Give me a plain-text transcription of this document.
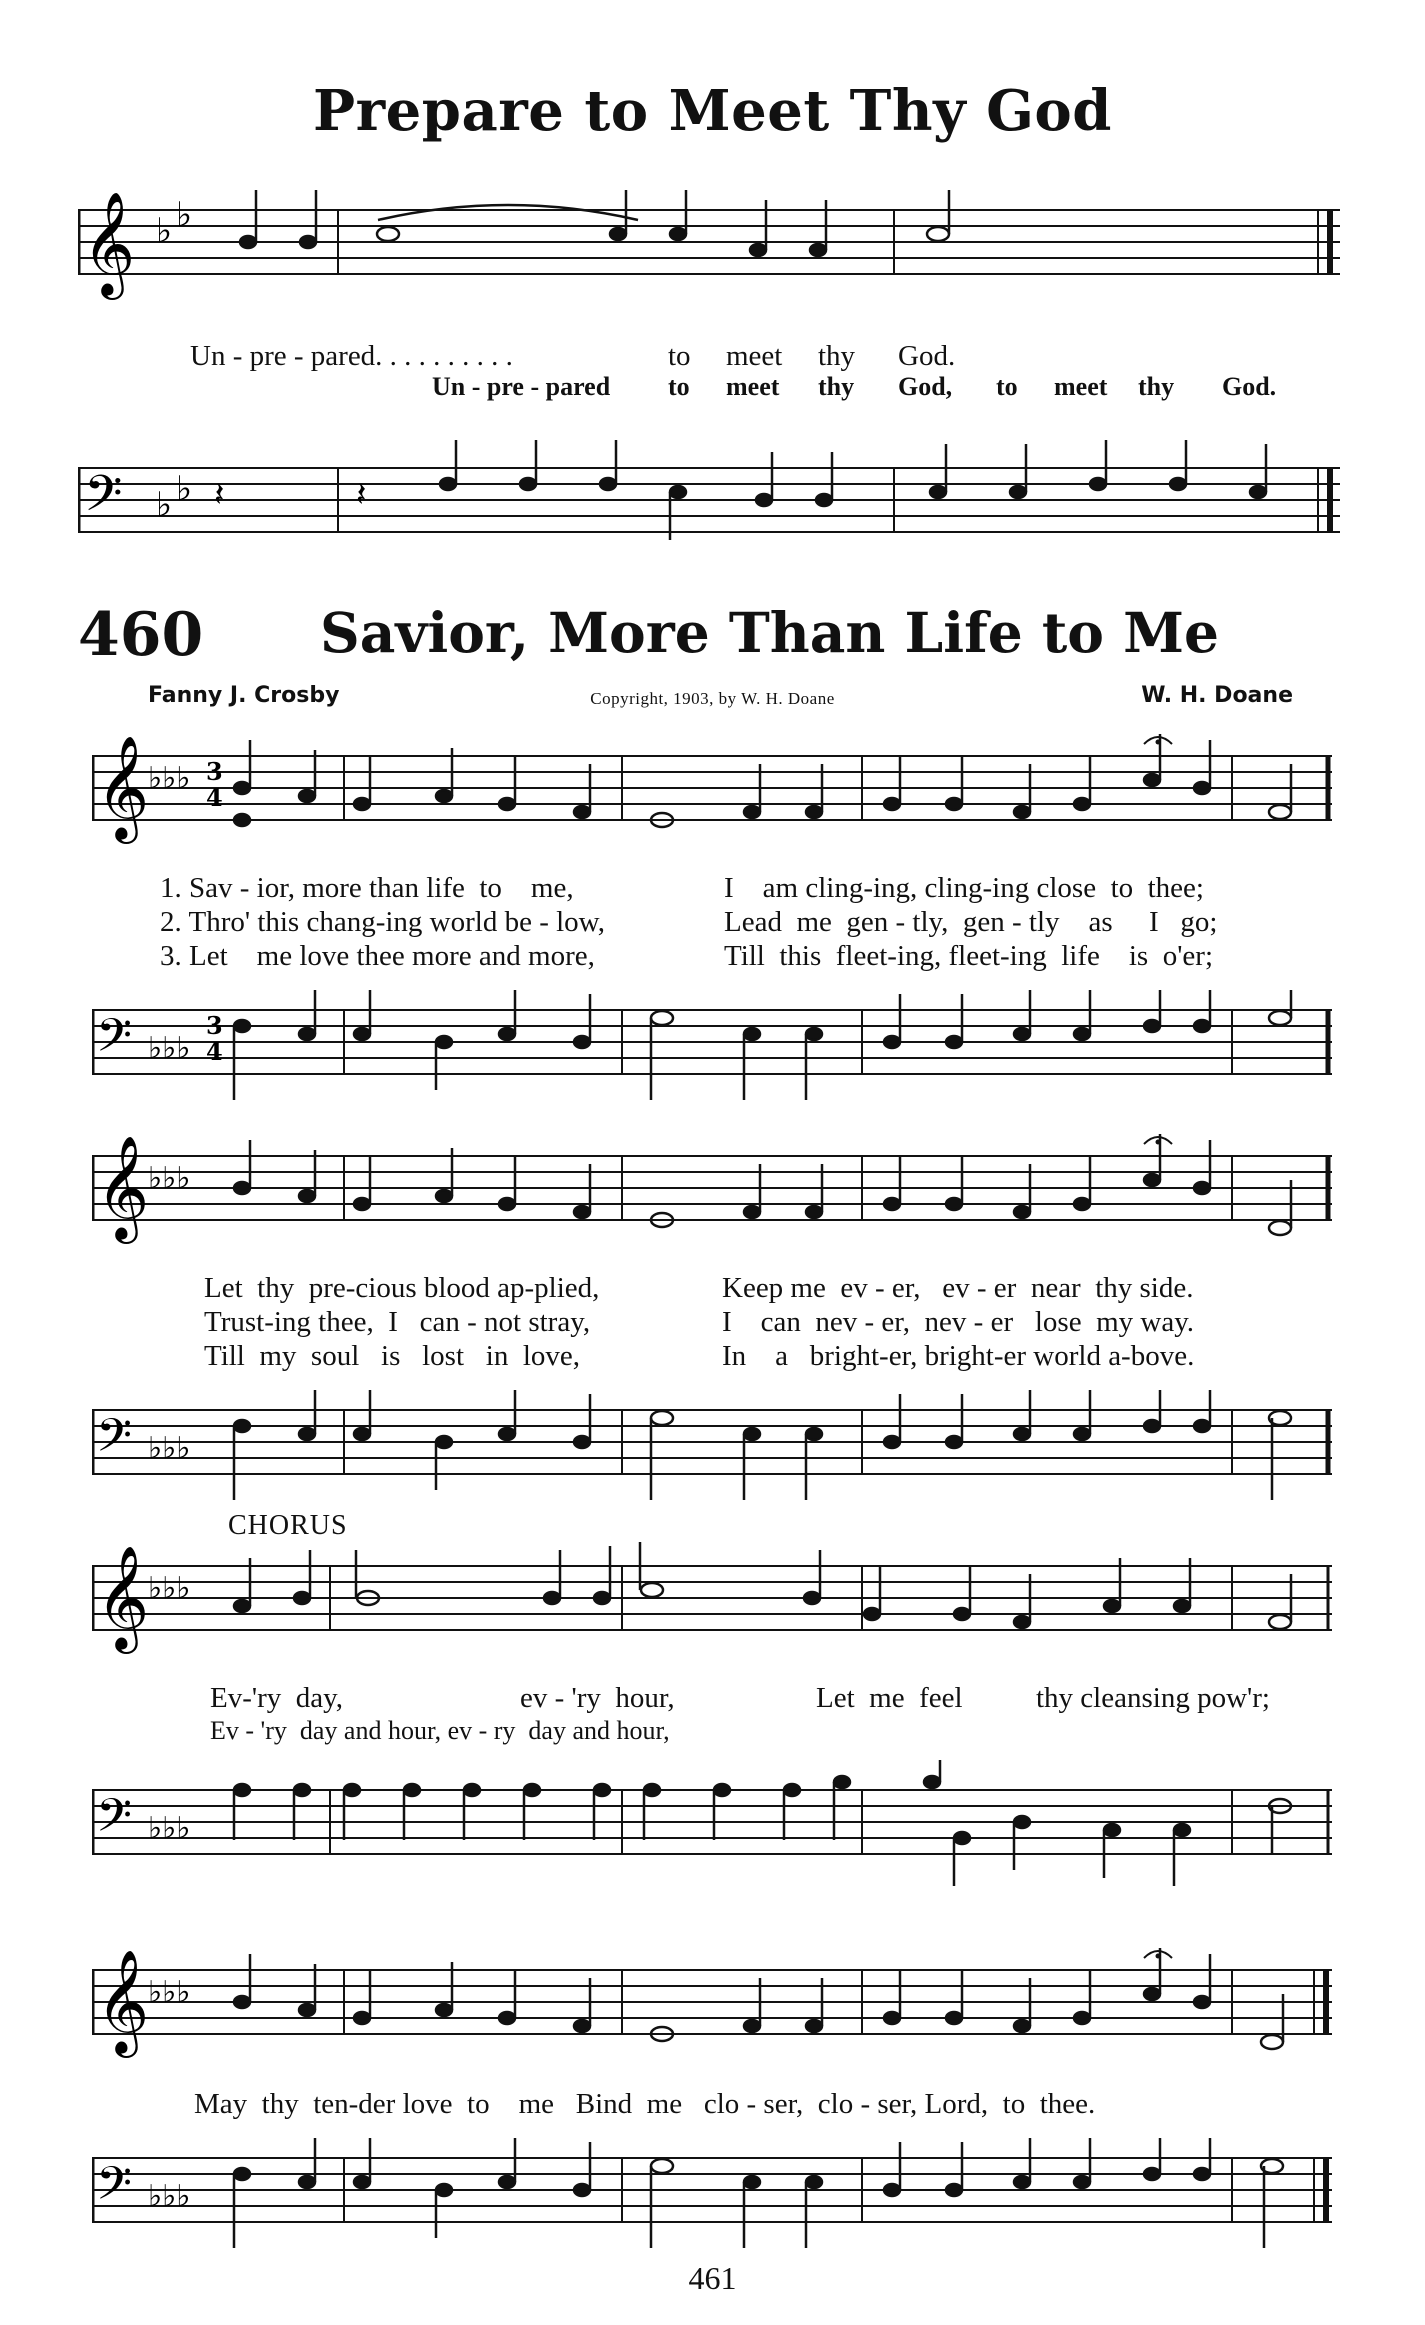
Prepare to Meet Thy God
𝄞 ♭ ♭
Un - pre - pared. . . . . . . . . .	to meet thy God.
Un - pre - pared to meet thy God, to meet thy God.
𝄢 ♭ ♭ 𝄽	𝄽
460 Savior, More Than Life to Me
Fanny J. Crosby	Copyright, 1903, by W. H. Doane	W. H. Doane
𝄞
♭♭♭ 3
4
1. Sav - ior, more than life  to    me,	I    am cling-ing, cling-ing close  to  thee;
2. Thro' this chang-ing world be - low,	Lead  me  gen - tly,  gen - tly    as     I   go;
3. Let    me love thee more and more,	Till  this  fleet-ing, fleet-ing  life    is  o'er;
𝄢 ♭♭♭
3
4
𝄞
♭♭♭
Let  thy  pre-cious blood ap-plied,	Keep me  ev - er,   ev - er  near  thy side.
Trust-ing thee,  I   can - not stray,	I    can  nev - er,  nev - er   lose  my way.
Till  my  soul   is   lost   in  love,	In    a   bright-er, bright-er world a-bove.
𝄢 ♭♭♭
CHORUS
𝄞
♭♭♭
Ev-'ry  day,	ev - 'ry  hour,	Let  me  feel	thy cleansing pow'r;
Ev - 'ry  day and hour, ev - ry  day and hour,
𝄢 ♭♭♭
𝄞
♭♭♭
May  thy  ten-der love  to    me   Bind  me   clo - ser,  clo - ser, Lord,  to  thee.
𝄢 ♭♭♭
461
